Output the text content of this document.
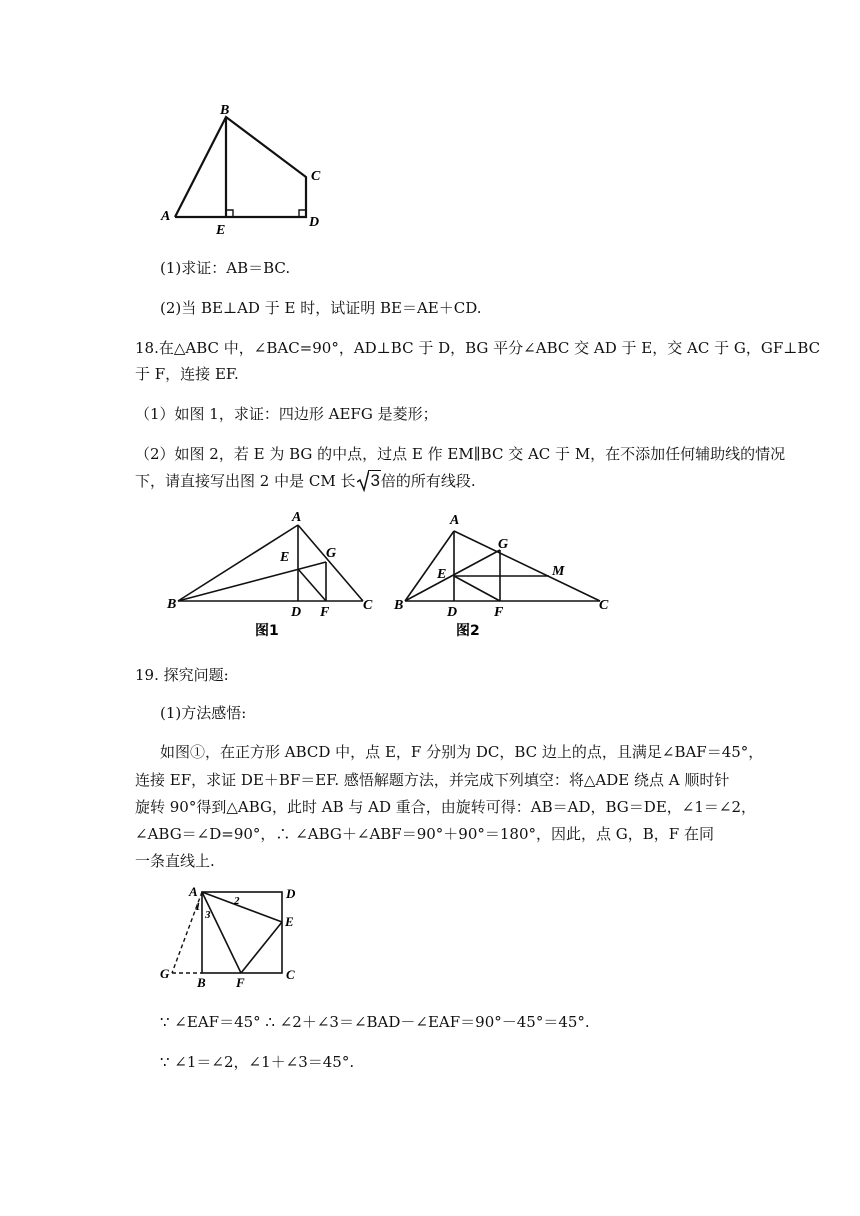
B
C
A
E
D
(1)求证：AB＝BC.
(2)当 BE⊥AD 于 E 时，试证明 BE＝AE＋CD.
18.在△ABC 中，∠BAC=90°，AD⊥BC 于 D，BG 平分∠ABC 交 AD 于 E，交 AC 于 G，GF⊥BC
于 F，连接 EF.
（1）如图 1，求证：四边形 AEFG 是菱形；
（2）如图 2，若 E 为 BG 的中点，过点 E 作 EM∥BC 交 AC 于 M，在不添加任何辅助线的情况
下，请直接写出图 2 中是 CM 长 3倍的所有线段.
A
E	G
B
D F C
图1
A
G
E	M
B	D	F	C
图2
19. 探究问题:
(1)方法感悟:
如图①，在正方形 ABCD 中，点 E，F 分别为 DC，BC 边上的点，且满足∠BAF＝45°，
连接 EF，求证 DE＋BF＝EF. 感悟解题方法，并完成下列填空：将△ADE 绕点 A 顺时针
旋转 90°得到△ABG，此时 AB 与 AD 重合，由旋转可得：AB＝AD，BG＝DE，∠1＝∠2，
∠ABG＝∠D=90°，∴ ∠ABG＋∠ABF＝90°＋90°＝180°，因此，点 G，B，F 在同
一条直线上.
A	D
E
B F
C
G
1	2
3
∵ ∠EAF＝45° ∴ ∠2＋∠3＝∠BAD－∠EAF＝90°－45°＝45°.
∵ ∠1＝∠2，∠1＋∠3＝45°.
